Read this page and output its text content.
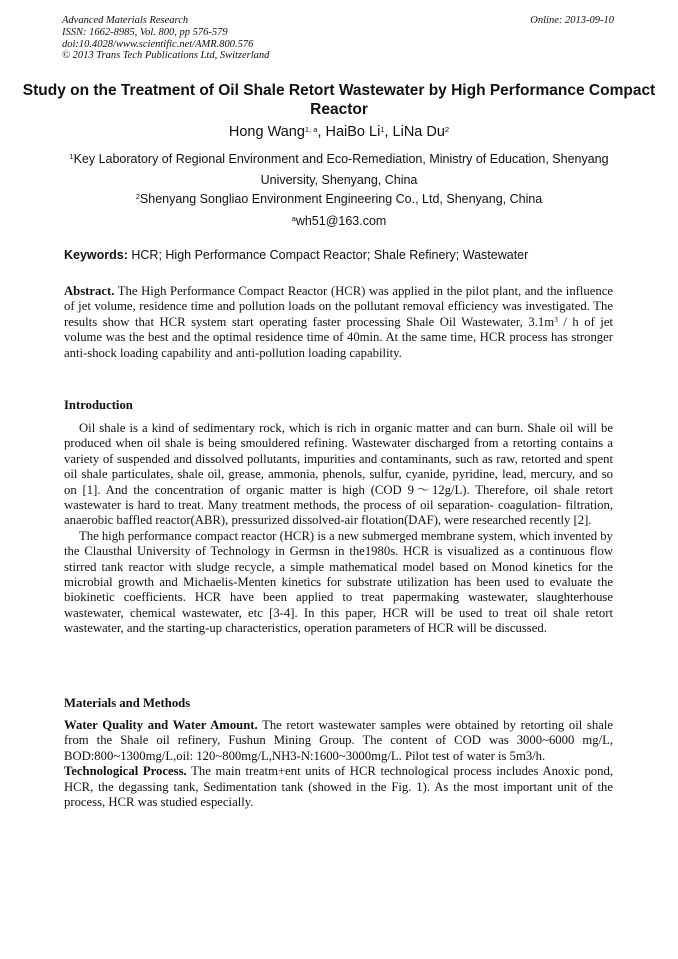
Advanced Materials Research
ISSN: 1662-8985, Vol. 800, pp 576-579
doi:10.4028/www.scientific.net/AMR.800.576
© 2013 Trans Tech Publications Ltd, Switzerland
Online: 2013-09-10
Study on the Treatment of Oil Shale Retort Wastewater by High Performance Compact Reactor
Hong Wang$^{1, a}$, HaiBo Li$^1$, LiNa Du$^2$
$^1$Key Laboratory of Regional Environment and Eco-Remediation, Ministry of Education, Shenyang University, Shenyang, China
$^2$Shenyang Songliao Environment Engineering Co., Ltd, Shenyang, China
$^a$wh51@163.com
Keywords: HCR; High Performance Compact Reactor; Shale Refinery; Wastewater

Abstract. The High Performance Compact Reactor (HCR) was applied in the pilot plant, and the influence of jet volume, residence time and pollution loads on the pollutant removal efficiency was investigated. The results show that HCR system start operating faster processing Shale Oil Wastewater, $3.1m^3$ / h of jet volume was the best and the optimal residence time of 40min. At the same time, HCR process has stronger anti-shock loading capability and anti-pollution loading capability.

Introduction

Oil shale is a kind of sedimentary rock, which is rich in organic matter and can burn. Shale oil will be produced when oil shale is being smouldered refining. Wastewater discharged from a retorting contains a variety of suspended and dissolved pollutants, impurities and contaminants, such as raw, retorted and spent oil shale particulates, shale oil, grease, ammonia, phenols, sulfur, cyanide, pyridine, lead, mercury, and so on [1]. And the concentration of organic matter is high (COD 9～12g/L). Therefore, oil shale retort wastewater is hard to treat. Many treatment methods, the process of oil separation- coagulation- filtration, anaerobic baffled reactor(ABR), pressurized dissolved-air flotation(DAF), were researched recently [2].

The high performance compact reactor (HCR) is a new submerged membrane system, which invented by the Clausthal University of Technology in Germsn in the1980s. HCR is visualized as a continuous flow stirred tank reactor with sludge recycle, a simple mathematical model based on Monod kinetics for the microbial growth and Michaelis-Menten kinetics for substrate utilization has been used to evaluate the biokinetic coefficients. HCR have been applied to treat papermaking wastewater, slaughterhouse wastewater, chemical wastewater, etc [3-4]. In this paper, HCR will be used to treat oil shale retort wastewater, and the starting-up characteristics, operation parameters of HCR will be discussed.

Materials and Methods

Water Quality and Water Amount. The retort wastewater samples were obtained by retorting oil shale from the Shale oil refinery, Fushun Mining Group. The content of COD was 3000~6000 mg/L, BOD:800~1300mg/L,oil: 120~800mg/L,NH3-N:1600~3000mg/L. Pilot test of water is 5m3/h.

Technological Process. The main treatm+ent units of HCR technological process includes Anoxic pond, HCR, the degassing tank, Sedimentation tank (showed in the Fig. 1). As the most important unit of the process, HCR was studied especially.
